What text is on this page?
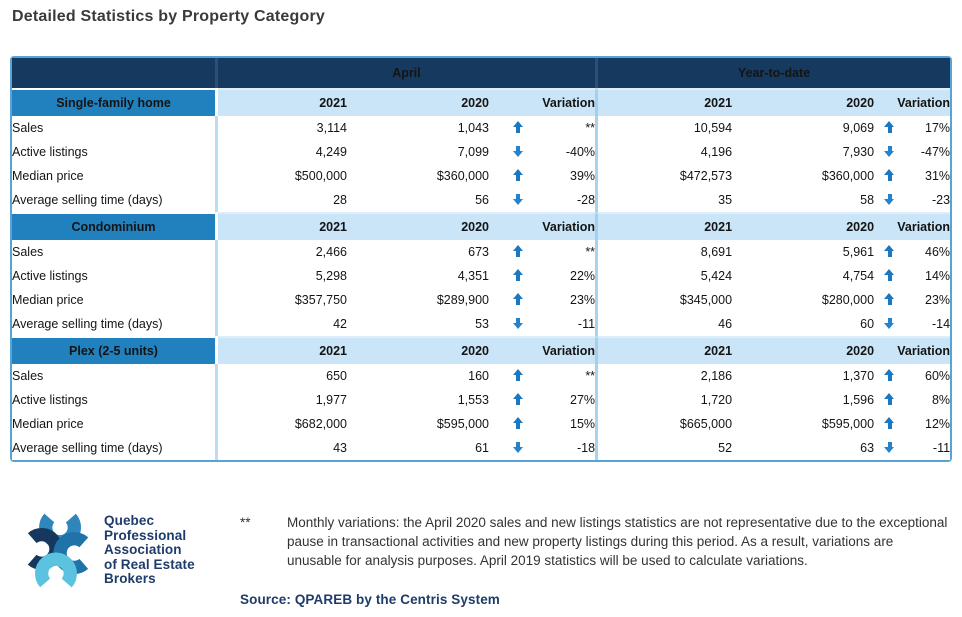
Detailed Statistics by Property Category
		April					Year-to-date			
Single-family home		2021	2020	Variation			2021	2020	Variation	
Sales		3,114	1,043		**		10,594	9,069		17%
Active listings		4,249	7,099		-40%		4,196	7,930		-47%
Median price		$500,000	$360,000		39%		$472,573	$360,000		31%
Average selling time (days)		28	56		-28		35	58		-23
Condominium		2021	2020	Variation			2021	2020	Variation	
Sales		2,466	673		**		8,691	5,961		46%
Active listings		5,298	4,351		22%		5,424	4,754		14%
Median price		$357,750	$289,900		23%		$345,000	$280,000		23%
Average selling time (days)		42	53		-11		46	60		-14
Plex (2-5 units)		2021	2020	Variation			2021	2020	Variation	
Sales		650	160		**		2,186	1,370		60%
Active listings		1,977	1,553		27%		1,720	1,596		8%
Median price		$682,000	$595,000		15%		$665,000	$595,000		12%
Average selling time (days)		43	61		-18		52	63		-11
Quebec
Professional
Association
of Real Estate
Brokers
**	Monthly variations: the April 2020 sales and new listings statistics are not representative due to the exceptional pause in transactional activities and new property listings during this period. As a result, variations are unusable for analysis purposes. April 2019 statistics will be used to calculate variations.
Source: QPAREB by the Centris System
